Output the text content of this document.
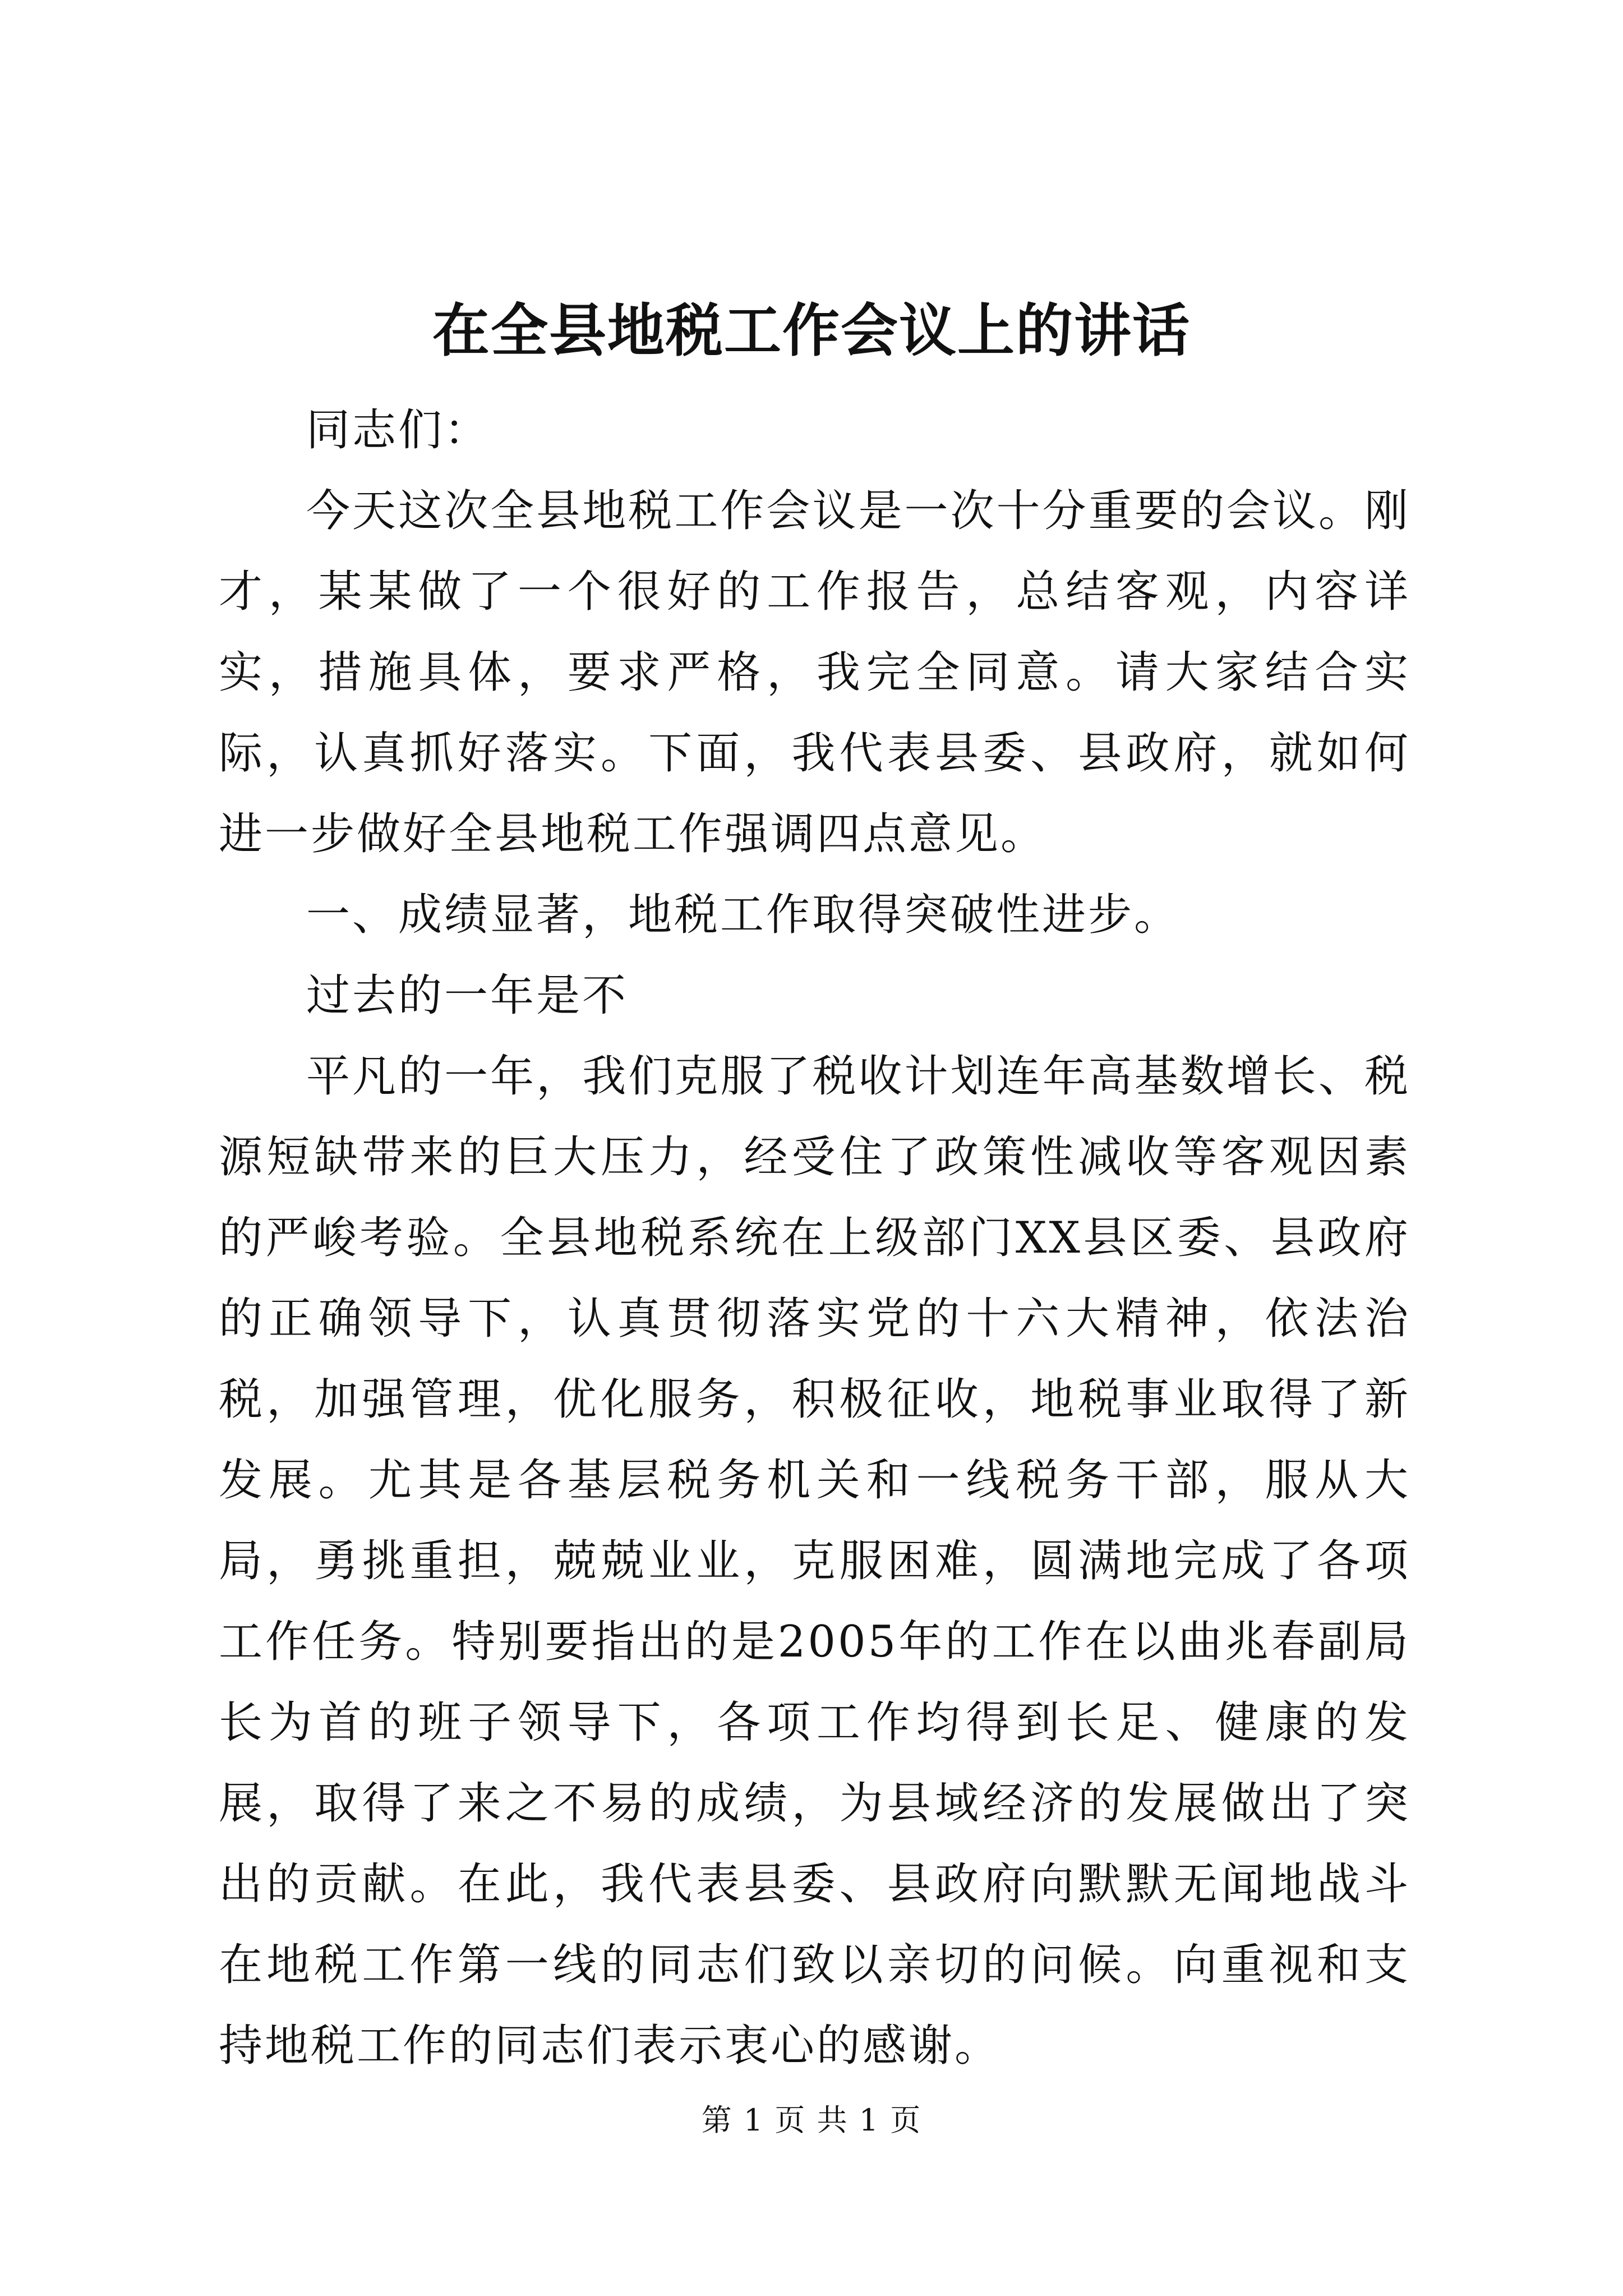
在全县地税工作会议上的讲话

同志们：

今天这次全县地税工作会议是一次十分重要的会议。刚才，某某做了一个很好的工作报告，总结客观，内容详实，措施具体，要求严格，我完全同意。请大家结合实际，认真抓好落实。下面，我代表县委、县政府，就如何进一步做好全县地税工作强调四点意见。

一、成绩显著，地税工作取得突破性进步。

过去的一年是不

平凡的一年，我们克服了税收计划连年高基数增长、税源短缺带来的巨大压力，经受住了政策性减收等客观因素的严峻考验。全县地税系统在上级部门XX县区委、县政府的正确领导下，认真贯彻落实党的十六大精神，依法治税，加强管理，优化服务，积极征收，地税事业取得了新发展。尤其是各基层税务机关和一线税务干部，服从大局，勇挑重担，兢兢业业，克服困难，圆满地完成了各项工作任务。特别要指出的是2005年的工作在以曲兆春副局长为首的班子领导下，各项工作均得到长足、健康的发展，取得了来之不易的成绩，为县域经济的发展做出了突出的贡献。在此，我代表县委、县政府向默默无闻地战斗在地税工作第一线的同志们致以亲切的问候。向重视和支持地税工作的同志们表示衷心的感谢。

第 1 页 共 1 页
